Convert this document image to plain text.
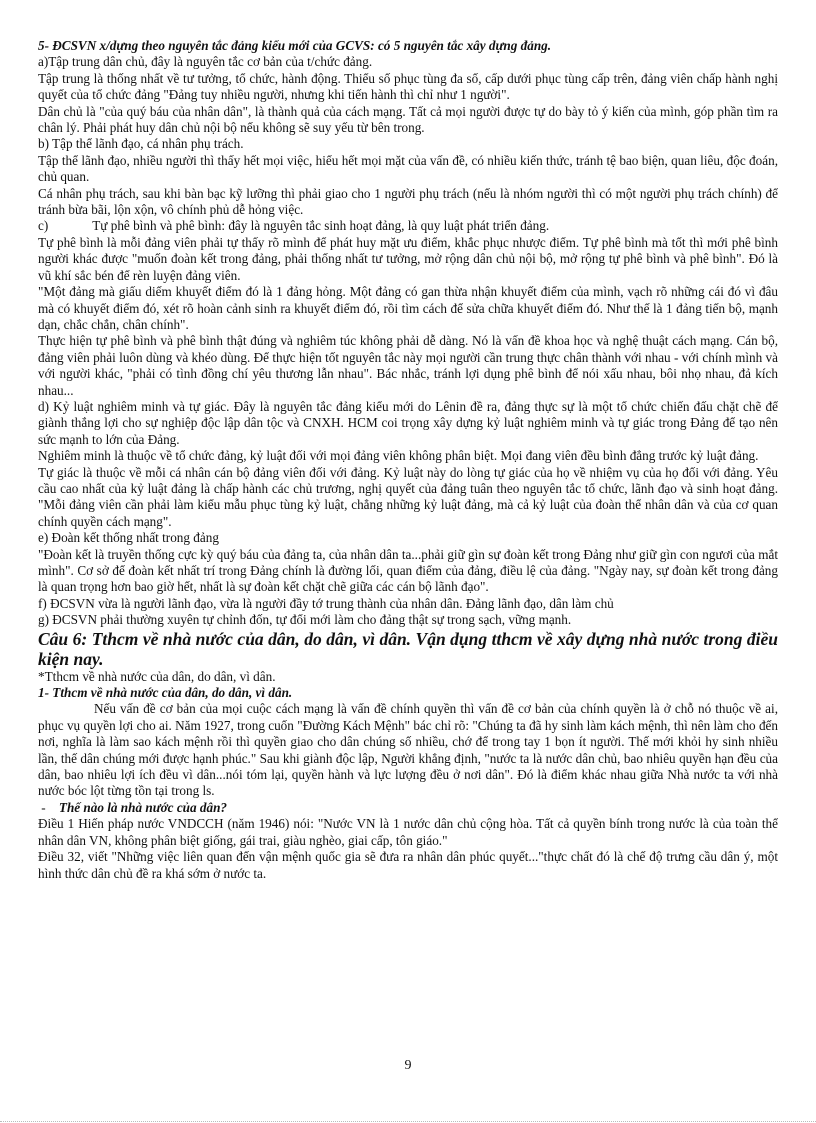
5- ĐCSVN x/dựng theo nguyên tắc đảng kiểu mới của GCVS: có 5 nguyên tắc xây dựng đảng.

a)Tập trung dân chủ, đây là nguyên tắc cơ bản của t/chức đảng.

Tập trung là thống nhất về tư tưởng, tổ chức, hành động. Thiểu số phục tùng đa số, cấp dưới phục tùng cấp trên, đảng viên chấp hành nghị quyết của tổ chức đảng "Đảng tuy nhiều người, nhưng khi tiến hành thì chỉ như 1 người".

Dân chủ là "của quý báu của nhân dân", là thành quả của cách mạng. Tất cả mọi người được tự do bày tỏ ý kiến của mình, góp phần tìm ra chân lý. Phải phát huy dân chủ nội bộ nếu không sẽ suy yếu từ bên trong.

b) Tập thể lãnh đạo, cá nhân phụ trách.

Tập thể lãnh đạo, nhiều người thì thấy hết mọi việc, hiểu hết mọi mặt của vấn đề, có nhiều kiến thức, tránh tệ bao biện, quan liêu, độc đoán, chủ quan.

Cá nhân phụ trách, sau khi bàn bạc kỹ lưỡng thì phải giao cho 1 người phụ trách (nếu là nhóm người thì có một người phụ trách chính) để tránh bừa bãi, lộn xộn, vô chính phủ dễ hỏng việc.

c)	Tự phê bình và phê bình: đây là nguyên tắc sinh hoạt đảng, là quy luật phát triển đảng.

Tự phê bình là mỗi đảng viên phải tự thấy rõ mình để phát huy mặt ưu điểm, khắc phục nhược điểm. Tự phê bình mà tốt thì mới phê bình người khác được "muốn đoàn kết trong đảng, phải thống nhất tư tưởng, mở rộng dân chủ nội bộ, mở rộng tự phê bình và phê bình". Đó là vũ khí sắc bén để rèn luyện đảng viên.

"Một đảng mà giấu diếm khuyết điểm đó là 1 đảng hỏng. Một đảng có gan thừa nhận khuyết điểm của mình, vạch rõ những cái đó vì đâu mà có khuyết điểm đó, xét rõ hoàn cảnh sinh ra khuyết điểm đó, rồi tìm cách để sửa chữa khuyết điểm đó. Như thế là 1 đảng tiến bộ, mạnh dạn, chắc chắn, chân chính".

Thực hiện tự phê bình và phê bình thật đúng và nghiêm túc không phải dễ dàng. Nó là vấn đề khoa học và nghệ thuật cách mạng. Cán bộ, đảng viên phải luôn dùng và khéo dùng. Để thực hiện tốt nguyên tắc này mọi người cần trung thực chân thành với nhau - với chính mình và với người khác, "phải có tình đồng chí yêu thương lẫn nhau". Bác nhắc, tránh lợi dụng phê bình để nói xấu nhau, bôi nhọ nhau, đả kích nhau...

d) Kỷ luật nghiêm minh và tự giác. Đây là nguyên tắc đảng kiểu mới do Lênin đề ra, đảng thực sự là một tổ chức chiến đấu chặt chẽ để giành thắng lợi cho sự nghiệp độc lập dân tộc và CNXH. HCM coi trọng xây dựng kỷ luật nghiêm minh và tự giác trong Đảng để tạo nên sức mạnh to lớn của Đảng.

Nghiêm minh là thuộc về tổ chức đảng, kỷ luật đối với mọi đảng viên không phân biệt. Mọi đang viên đều bình đẳng trước kỷ luật đảng.

Tự giác là thuộc về mỗi cá nhân cán bộ đảng viên đối với đảng. Kỷ luật này do lòng tự giác của họ về nhiệm vụ của họ đối với đảng. Yêu cầu cao nhất của kỷ luật đảng là chấp hành các chủ trương, nghị quyết của đảng tuân theo nguyên tắc tổ chức, lãnh đạo và sinh hoạt đảng. "Mỗi đảng viên cần phải làm kiểu mẫu phục tùng kỷ luật, chẳng những kỷ luật đảng, mà cả kỷ luật của đoàn thể nhân dân và của cơ quan chính quyền cách mạng".

e) Đoàn kết thống nhất trong đảng

"Đoàn kết là truyền thống cực kỳ quý báu của đảng ta, của nhân dân ta...phải giữ gìn sự đoàn kết trong Đảng như giữ gìn con ngươi của mắt mình". Cơ sở để đoàn kết nhất trí trong Đảng chính là đường lối, quan điểm của đảng, điều lệ của đảng. "Ngày nay, sự đoàn kết trong đảng là quan trọng hơn bao giờ hết, nhất là sự đoàn kết chặt chẽ giữa các cán bộ lãnh đạo".

f) ĐCSVN vừa là người lãnh đạo, vừa là người đầy tớ trung thành của nhân dân. Đảng lãnh đạo, dân làm chủ

g) ĐCSVN phải thường xuyên tự chỉnh đốn, tự đổi mới làm cho đảng thật sự trong sạch, vững mạnh.

Câu 6: Tthcm về nhà nước của dân, do dân, vì dân. Vận dụng tthcm về xây dựng nhà nước trong điều kiện nay.

*Tthcm về nhà nước của dân, do dân, vì dân.

1- Tthcm về nhà nước của dân, do dân, vì dân.

Nếu vấn đề cơ bản của mọi cuộc cách mạng là vấn đề chính quyền thì vấn đề cơ bản của chính quyền là ở chỗ nó thuộc về ai, phục vụ quyền lợi cho ai. Năm 1927, trong cuốn "Đường Kách Mệnh" bác chỉ rõ: "Chúng ta đã hy sinh làm kách mệnh, thì nên làm cho đến nơi, nghĩa là làm sao kách mệnh rồi thì quyền giao cho dân chúng số nhiều, chớ để trong tay 1 bọn ít người. Thế mới khỏi hy sinh nhiều lần, thế dân chúng mới được hạnh phúc." Sau khi giành độc lập, Người khẳng định, "nước ta là nước dân chủ, bao nhiêu quyền hạn đều của dân, bao nhiêu lợi ích đều vì dân...nói tóm lại, quyền hành và lực lượng đều ở nơi dân". Đó là điểm khác nhau giữa Nhà nước ta với nhà nước bóc lột từng tồn tại trong ls.

- Thế nào là nhà nước của dân?

Điều 1 Hiến pháp nước VNDCCH (năm 1946) nói: "Nước VN là 1 nước dân chủ cộng hòa. Tất cả quyền bính trong nước là của toàn thể nhân dân VN, không phân biệt giống, gái trai, giàu nghèo, giai cấp, tôn giáo."

Điều 32, viết "Những việc liên quan đến vận mệnh quốc gia sẽ đưa ra nhân dân phúc quyết..."thực chất đó là chế độ trưng cầu dân ý, một hình thức dân chủ đề ra khá sớm ở nước ta.

9
